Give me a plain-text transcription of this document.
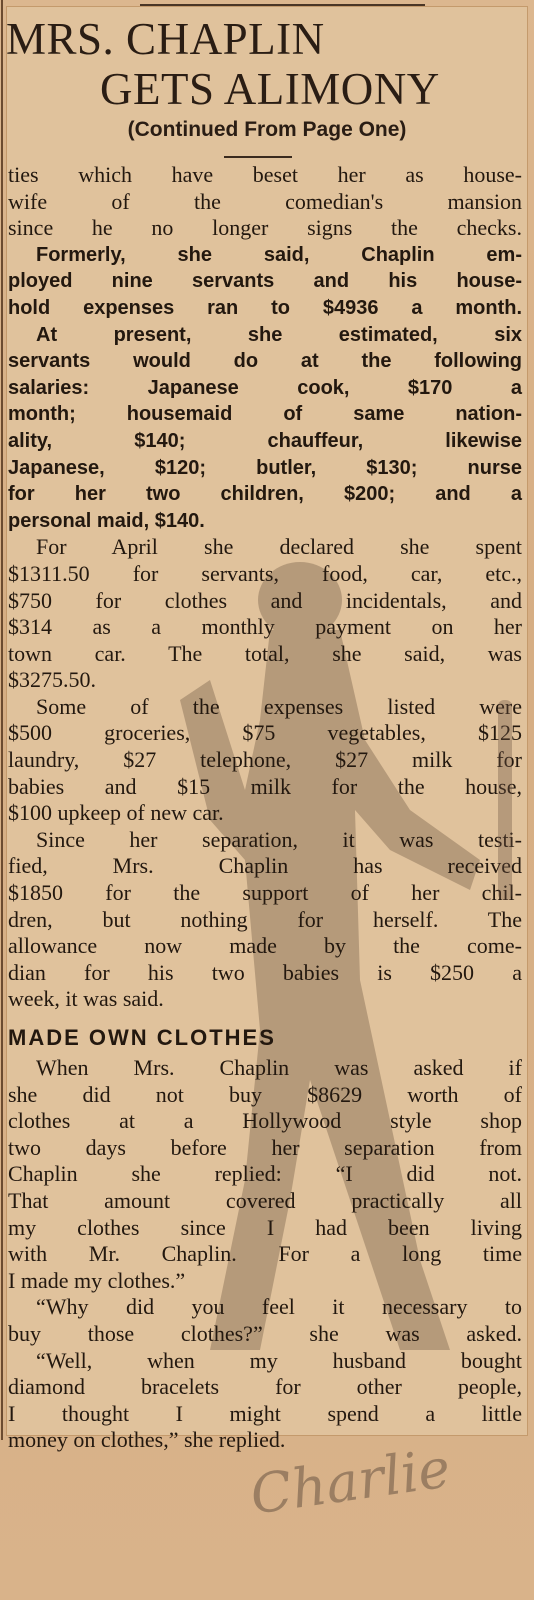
MRS. CHAPLIN
GETS ALIMONY
(Continued From Page One)
ties which have beset her as house-
wife of the comedian's mansion
since he no longer signs the checks.
Formerly, she said, Chaplin em-
ployed nine servants and his house-
hold expenses ran to $4936 a month.
At present, she estimated, six
servants would do at the following
salaries: Japanese cook, $170 a
month; housemaid of same nation-
ality, $140; chauffeur, likewise
Japanese, $120; butler, $130; nurse
for her two children, $200; and a
personal maid, $140.
For April she declared she spent
$1311.50 for servants, food, car, etc.,
$750 for clothes and incidentals, and
$314 as a monthly payment on her
town car. The total, she said, was
$3275.50.
Some of the expenses listed were
$500 groceries, $75 vegetables, $125
laundry, $27 telephone, $27 milk for
babies and $15 milk for the house,
$100 upkeep of new car.
Since her separation, it was testi-
fied, Mrs. Chaplin has received
$1850 for the support of her chil-
dren, but nothing for herself. The
allowance now made by the come-
dian for his two babies is $250 a
week, it was said.
MADE OWN CLOTHES
When Mrs. Chaplin was asked if
she did not buy $8629 worth of
clothes at a Hollywood style shop
two days before her separation from
Chaplin she replied: “I did not.
That amount covered practically all
my clothes since I had been living
with Mr. Chaplin. For a long time
I made my clothes.”
“Why did you feel it necessary to
buy those clothes?” she was asked.
“Well, when my husband bought
diamond bracelets for other people,
I thought I might spend a little
money on clothes,” she replied.
Charlie
